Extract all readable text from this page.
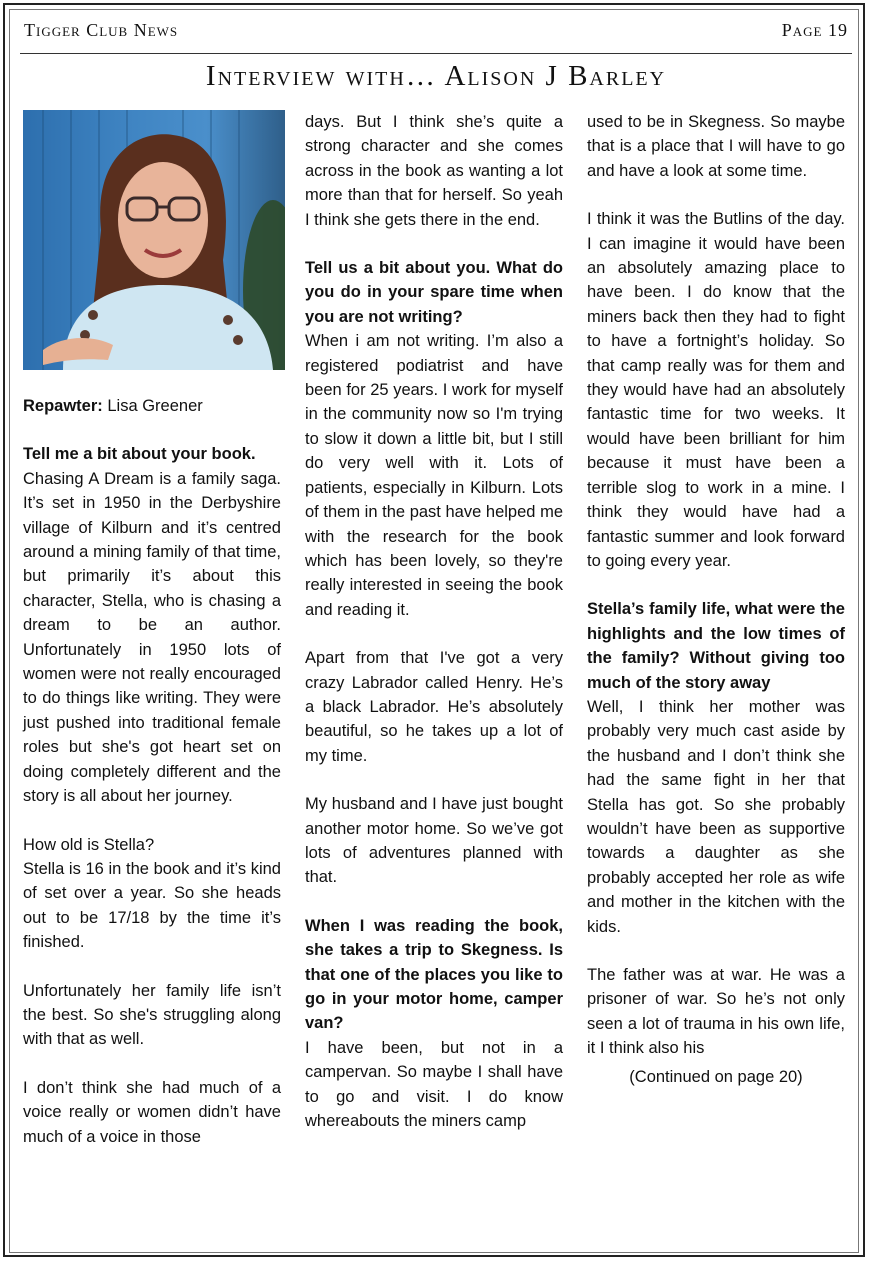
Tigger Club News	Page 19
Interview with… Alison J Barley

Repawter: Lisa Greener

Tell me a bit about your book.

Chasing A Dream is a family saga. It’s set in 1950 in the Derbyshire village of Kilburn and it’s centred around a mining family of that time, but primarily it’s about this character, Stella, who is chasing a dream to be an author. Unfortunately in 1950 lots of women were not really encouraged to do things like writing. They were just pushed into traditional female roles but she's got heart set on doing completely different and the story is all about her journey.

How old is Stella?

Stella is 16 in the book and it’s kind of set over a year. So she heads out to be 17/18 by the time it’s finished.

Unfortunately her family life isn’t the best. So she's struggling along with that as well.

I don’t think she had much of a voice really or women didn’t have much of a voice in those

days. But I think she’s quite a strong character and she comes across in the book as wanting a lot more than that for herself. So yeah I think she gets there in the end.

Tell us a bit about you. What do you do in your spare time when you are not writing?

When i am not writing. I’m also a registered podiatrist and have been for 25 years. I work for myself in the community now so I'm trying to slow it down a little bit, but I still do very well with it. Lots of patients, especially in Kilburn. Lots of them in the past have helped me with the research for the book which has been lovely, so they're really interested in seeing the book and reading it.

Apart from that I've got a very crazy Labrador called Henry. He’s a black Labrador. He’s absolutely beautiful, so he takes up a lot of my time.

My husband and I have just bought another motor home. So we’ve got lots of adventures planned with that.

When I was reading the book, she takes a trip to Skegness. Is that one of the places you like to go in your motor home, camper van?

I have been, but not in a campervan. So maybe I shall have to go and visit. I do know whereabouts the miners camp

used to be in Skegness. So maybe that is a place that I will have to go and have a look at some time.

I think it was the Butlins of the day. I can imagine it would have been an absolutely amazing place to have been. I do know that the miners back then they had to fight to have a fortnight’s holiday. So that camp really was for them and they would have had an absolutely fantastic time for two weeks. It would have been brilliant for him because it must have been a terrible slog to work in a mine. I think they would have had a fantastic summer and look forward to going every year.

Stella’s family life, what were the highlights and the low times of the family? Without giving too much of the story away

Well, I think her mother was probably very much cast aside by the husband and I don’t think she had the same fight in her that Stella has got. So she probably wouldn’t have been as supportive towards a daughter as she probably accepted her role as wife and mother in the kitchen with the kids.

The father was at war. He was a prisoner of war. So he’s not only seen a lot of trauma in his own life, it I think also his

(Continued on page 20)
